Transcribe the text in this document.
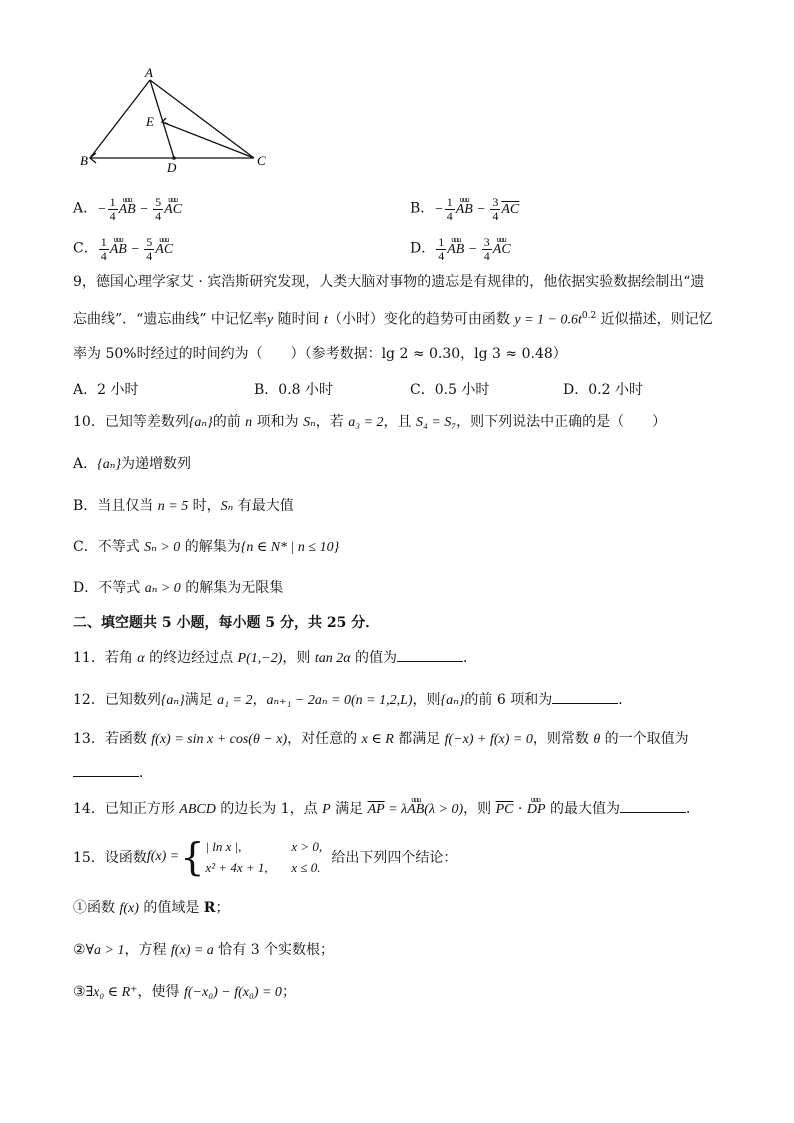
A
E
B	D	C
A．− $\frac{1}{4}$ uuu AB − $\frac{5}{4}$ uuu AC	B．− $\frac{1}{4}$ uuu AB − $\frac{3}{4} \overline{AC}$
C． $\frac{1}{4}$ uuu AB − $\frac{5}{4}$ uuu AC	D． $\frac{1}{4}$ uuu AB − $\frac{3}{4}$ uuu AC
9，德国心理学家艾 · 宾浩斯研究发现，人类大脑对事物的遗忘是有规律的，他依据实验数据绘制出“遗
忘曲线”．“遗忘曲线” 中记忆率y 随时间 t（小时）变化的趋势可由函数 $y = 1 - 0.6t^{0.2}$ 近似描述，则记忆
率为 50%时经过的时间约为（　　）（参考数据：lg 2 ≈ 0.30，lg 3 ≈ 0.48）
A．2 小时	B．0.8 小时	C．0.5 小时	D．0.2 小时
10．已知等差数列{aₙ}的前 n 项和为 Sₙ，若 a₃ = 2，且 S₄ = S₇，则下列说法中正确的是（　　）
A．{aₙ}为递增数列
B．当且仅当 n = 5 时，Sₙ 有最大值
C．不等式 Sₙ > 0 的解集为{n ∈ N* | n ≤ 10}
D．不等式 aₙ > 0 的解集为无限集
二、填空题共 5 小题，每小题 5 分，共 25 分．
11．若角 α 的终边经过点 P(1,−2)，则 tan 2α 的值为	．
12．已知数列{aₙ}满足 a₁ = 2，aₙ₊₁ − 2aₙ = 0(n = 1,2,L)，则{aₙ}的前 6 项和为	．
13．若函数 f(x) = sin x + cos(θ − x)，对任意的 x ∈ R 都满足 f(−x) + f(x) = 0，则常数 θ 的一个取值为
．
14．已知正方形 ABCD 的边长为 1，点 P 满足 $\overline{AP} = \lambda uuu$ AB(λ > 0)，则 $\overline{PC}$ · uuu DP 的最大值为	．
15．设函数 f(x) = { | ln x |,	x > 0,
x² + 4x + 1,	x ≤ 0.
给出下列四个结论：
①函数 f(x) 的值域是 R；
②∀a > 1，方程 f(x) = a 恰有 3 个实数根；
③∃x₀ ∈ R⁺，使得 f(−x₀) − f(x₀) = 0；
